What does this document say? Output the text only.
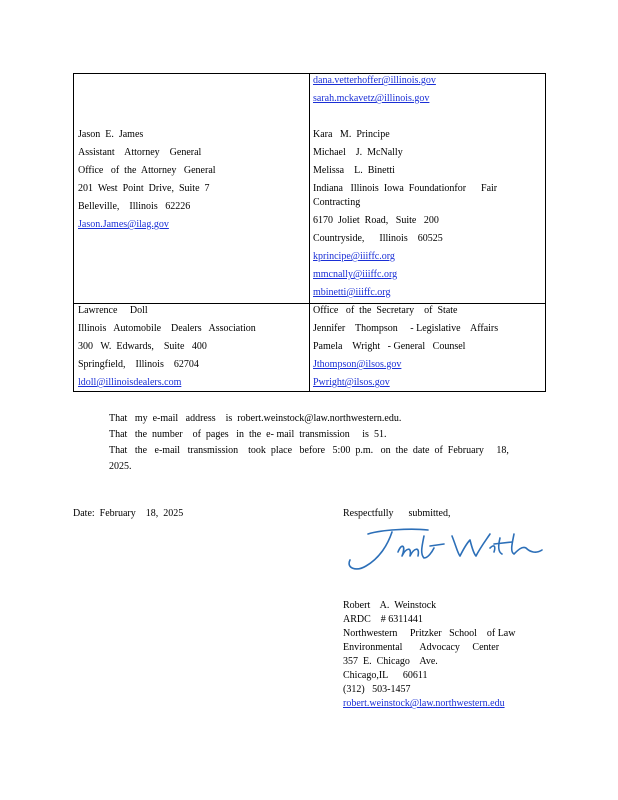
Jason  E.  James
Assistant    Attorney    General
Office   of  the  Attorney   General
201  West  Point  Drive,  Suite  7
Belleville,    Illinois   62226
Jason.James@ilag.gov
dana.vetterhoffer@illinois.gov
sarah.mckavetz@illinois.gov
Kara   M.  Principe
Michael    J.  McNally
Melissa    L.  Binetti
Indiana   Illinois  Iowa  Foundationfor      Fair
Contracting
6170  Joliet  Road,   Suite   200
Countryside,      Illinois    60525
kprincipe@iiiffc.org
mmcnally@iiiffc.org
mbinetti@iiiffc.org
Lawrence     Doll
Illinois   Automobile    Dealers   Association
300   W.  Edwards,    Suite   400
Springfield,    Illinois    62704
ldoll@illinoisdealers.com
Office   of  the  Secretary    of  State
Jennifer    Thompson     - Legislative    Affairs
Pamela    Wright   - General   Counsel
Jthompson@ilsos.gov
Pwright@ilsos.gov
That   my  e-mail   address    is  robert.weinstock@law.northwestern.edu.
That   the  number    of  pages   in  the  e- mail  transmission     is  51.
That   the   e-mail   transmission    took  place   before   5:00  p.m.   on  the  date  of  February     18,
2025.
Date:  February    18,  2025	Respectfully      submitted,
Robert    A.  Weinstock
ARDC    # 6311441
Northwestern     Pritzker   School    of Law
Environmental       Advocacy     Center
357  E.  Chicago    Ave.
Chicago,IL      60611
(312)   503-1457
robert.weinstock@law.northwestern.edu
